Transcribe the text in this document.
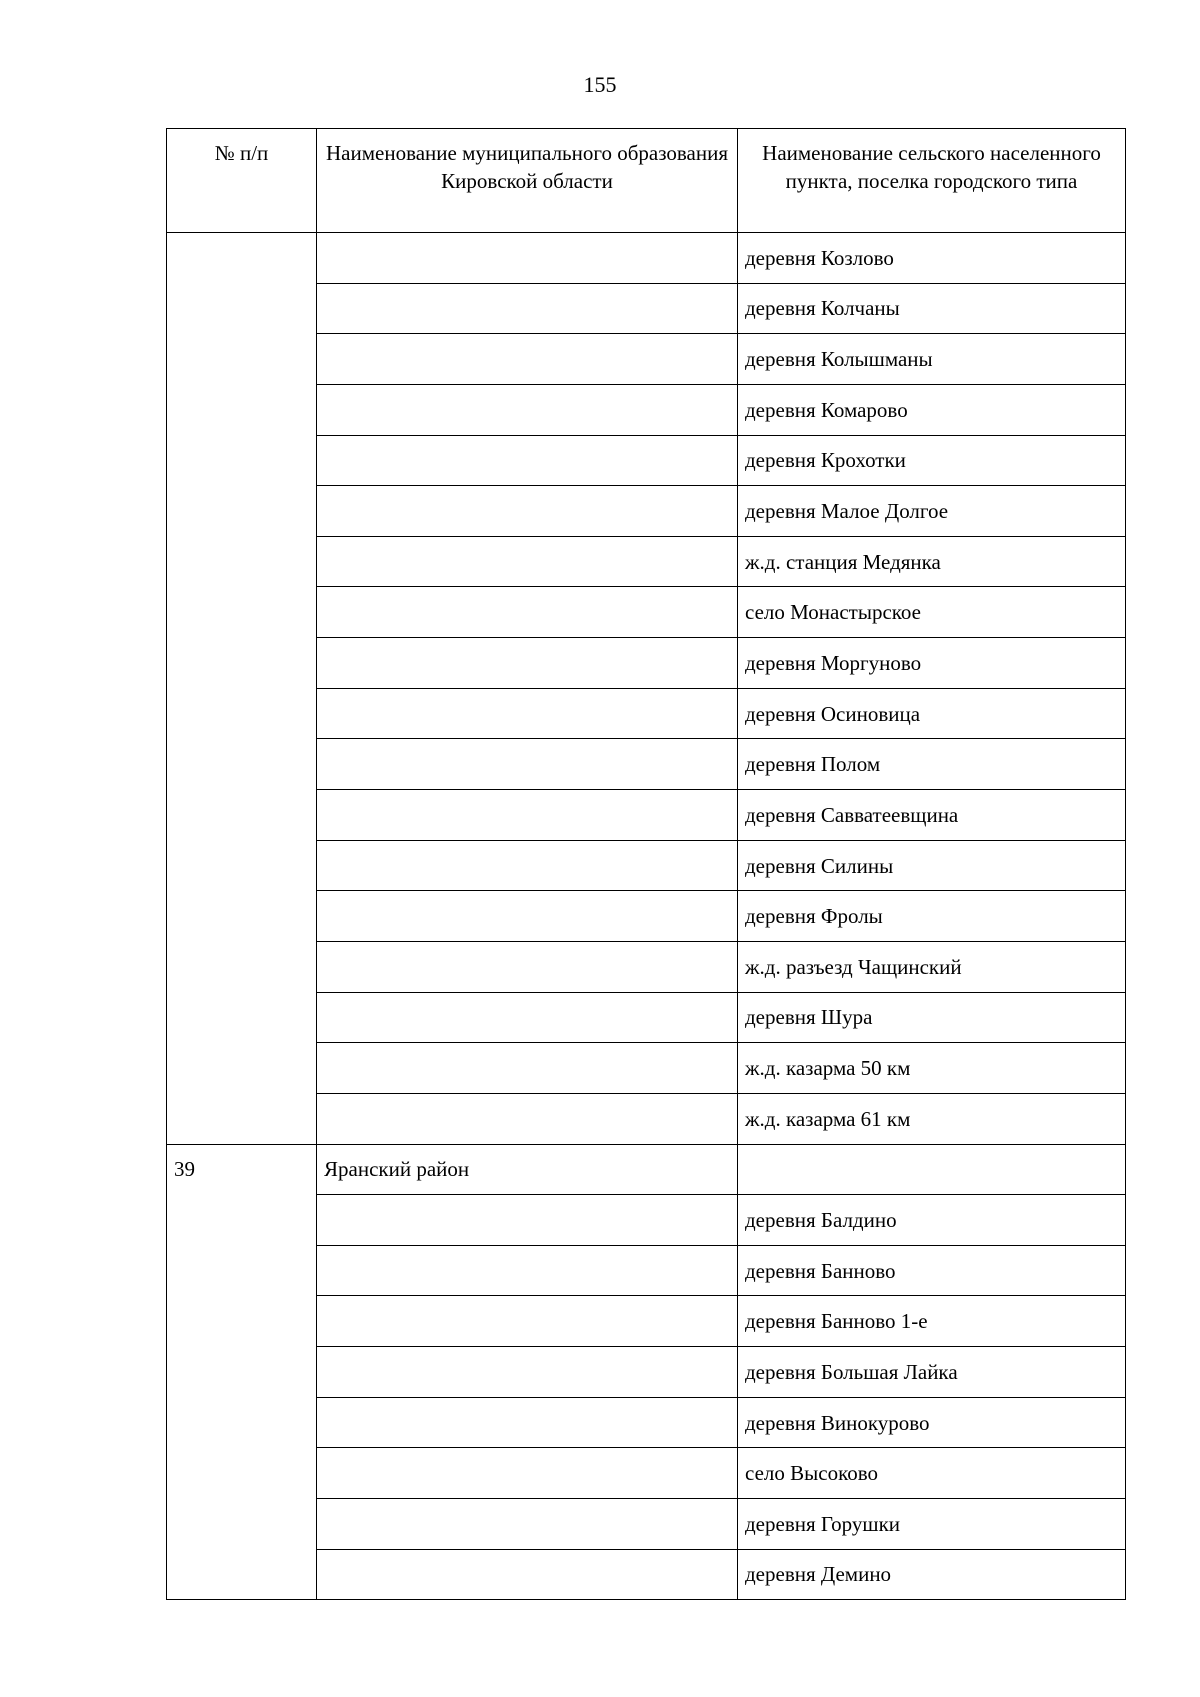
155
№ п/п	Наименование муниципального образования Кировской области	Наименование сельского населенного пункта, поселка городского типа
		деревня Козлово
		деревня Колчаны
		деревня Колышманы
		деревня Комарово
		деревня Крохотки
		деревня Малое Долгое
		ж.д. станция Медянка
		село Монастырское
		деревня Моргуново
		деревня Осиновица
		деревня Полом
		деревня Савватеевщина
		деревня Силины
		деревня Фролы
		ж.д. разъезд Чащинский
		деревня Шура
		ж.д. казарма 50 км
		ж.д. казарма 61 км
39	Яранский район	
		деревня Балдино
		деревня Банново
		деревня Банново 1-е
		деревня Большая Лайка
		деревня Винокурово
		село Высоково
		деревня Горушки
		деревня Демино
